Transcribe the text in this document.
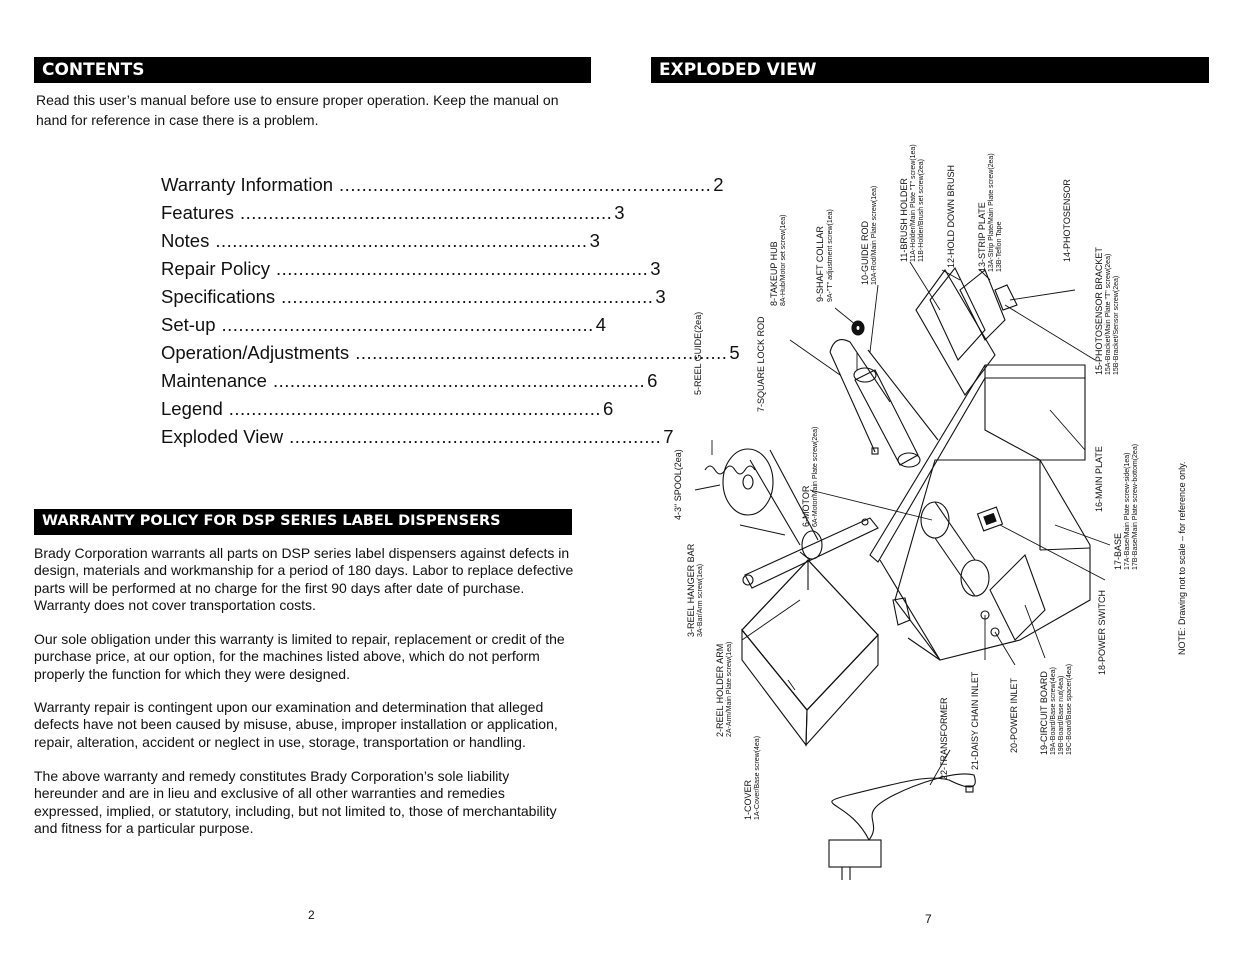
CONTENTS
Read this user’s manual before use to ensure proper operation. Keep the manual on
hand for reference in case there is a problem.
Warranty Information .................................................................. 2
Features .................................................................. 3
Notes .................................................................. 3
Repair Policy .................................................................. 3
Specifications .................................................................. 3
Set-up .................................................................. 4
Operation/Adjustments .................................................................. 5
Maintenance .................................................................. 6
Legend .................................................................. 6
Exploded View .................................................................. 7
WARRANTY POLICY FOR DSP SERIES LABEL DISPENSERS
Brady Corporation warrants all parts on DSP series label dispensers against defects in design, materials and workmanship for a period of 180 days. Labor to replace defective parts will be performed at no charge for the first 90 days after date of purchase. Warranty does not cover transportation costs.
Our sole obligation under this warranty is limited to repair, replacement or credit of the purchase price, at our option, for the machines listed above, which do not perform properly the function for which they were designed.
Warranty repair is contingent upon our examination and determination that alleged defects have not been caused by misuse, abuse, improper installation or application, repair, alteration, accident or neglect in use, storage, transportation or handling.
The above warranty and remedy constitutes Brady Corporation’s sole liability hereunder and are in lieu and exclusive of all other warranties and remedies expressed, implied, or statutory, including, but not limited to, those of merchantability and fitness for a particular purpose.
2
EXPLODED VIEW
7
1-COVER 1A-Cover/Base screw(4ea)
2-REEL HOLDER ARM 2A-Arm/Main Plate screw(1ea)
3-REEL HANGER BAR 3A-Bar/Arm screw(1ea)
4-3" SPOOL(2ea)
5-REEL GUIDE(2ea)
6-MOTOR 6A-Motor/Main Plate screw(2ea)
7-SQUARE LOCK ROD
8-TAKEUP HUB 8A-Hub/Motor set screw(1ea)	9-SHAFT COLLAR 9A-"T" adjustment screw(1ea)	10-GUIDE ROD 10A-Rod/Main Plate screw(1ea) 11-BRUSH HOLDER 11A-Holder/Main Plate "T" screw(1ea) 11B-Holder/Brush set screw(2ea) 12-HOLD DOWN BRUSH 13-STRIP PLATE 13A-Strip Plate/Main Plate screw(2ea) 13B-Teflon Tape	14-PHOTOSENSOR
15-PHOTOSENSOR BRACKET 15A-Bracket/Main Plate "T" screw(2ea) 15B-Bracket/Sensor screw(2ea)
16-MAIN PLATE
17-BASE 17A-Base/Main Plate screw-side(1ea) 17B-Base/Main Plate screw-bottom(2ea)
18-POWER SWITCH
19-CIRCUIT BOARD 19A-Board/Base screw(4ea) 19B-Board/Base nut(4ea) 19C-Board/Base spacer(4ea)
20-POWER INLET
21-DAISY CHAIN INLET
22-TRANSFORMER
NOTE: Drawing not to scale – for reference only.
